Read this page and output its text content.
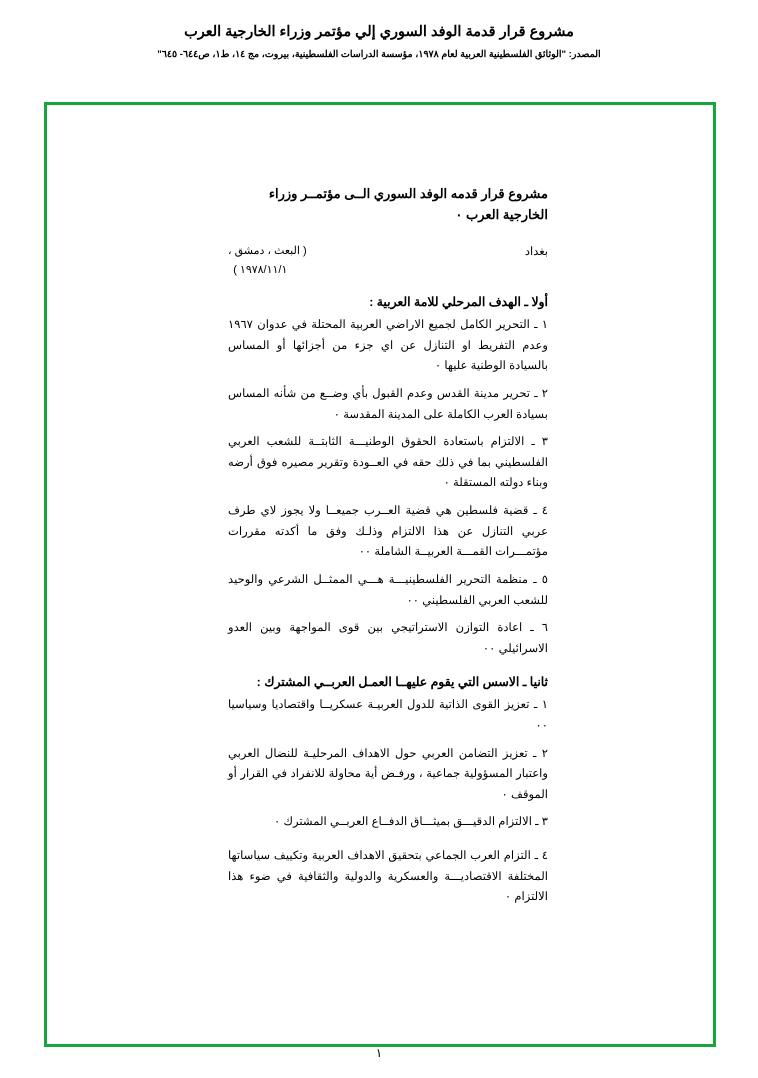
مشروع قرار قدمة الوفد السوري إلي مؤتمر وزراء الخارجية العرب
المصدر: "الوثائق الفلسطينية العربية لعام ١٩٧٨، مؤسسة الدراسات الفلسطينية، بيروت، مج ١٤، ط١، ص٦٤٤- ٦٤٥"‬
مشروع قرار قدمه الوفد السوري الــى مؤتمــر وزراء الخارجية العرب ٠
بغداد
( البعث ، دمشق ،
١٩٧٨/١١/١ )
أولا ـ الهدف المرحلي للامة العربية :

١ ـ التحرير الكامل لجميع الاراضي العربية المحتلة في عدوان ١٩٦٧ وعدم التفريط او التنازل عن اي جزء من أجزائها أو المساس بالسيادة الوطنية عليها ٠

٢ ـ تحرير مدينة القدس وعدم القبول بأي وضــع من شأنه المساس بسيادة العرب الكاملة على المدينة المقدسة ٠

٣ ـ الالتزام باستعادة الحقوق الوطنيـــة الثابتــة للشعب العربي الفلسطيني بما في ذلك حقه في العــودة وتقرير مصيره فوق أرضه وبناء دولته المستقلة ٠

٤ ـ قضية فلسطين هي قضية العــرب جميعــا ولا يجوز لاي طرف عربي التنازل عن هذا الالتزام وذلـك وفق ما أكدته مقررات مؤتمـــرات القمـــة العربيــة الشاملة ٠٠

٥ ـ منظمة التحرير الفلسطينيـــة هـــي الممثــل الشرعي والوحيد للشعب العربي الفلسطيني ٠٠

٦ ـ اعادة التوازن الاستراتيجي بين قوى المواجهة وبين العدو الاسرائيلي ٠٠

ثانيا ـ الاسس التي يقوم عليهــا العمـل العربــي المشترك :

١ ـ تعزيز القوى الذاتية للدول العربيـة عسكريــا واقتصاديا وسياسيا ٠٠

٢ ـ تعزيز التضامن العربي حول الاهداف المرحليـة للنضال العربي واعتبار المسؤولية جماعية ، ورفـض أية محاولة للانفراد في القرار أو الموقف ٠

٣ ـ الالتزام الدقيـــق بميثـــاق الدفــاع العربــي المشترك ٠

٤ ـ التزام العرب الجماعي بتحقيق الاهداف العربية وتكييف سياساتها المختلفة الاقتصاديـــة والعسكرية والدولية والثقافية في ضوء هذا الالتزام ٠

١
